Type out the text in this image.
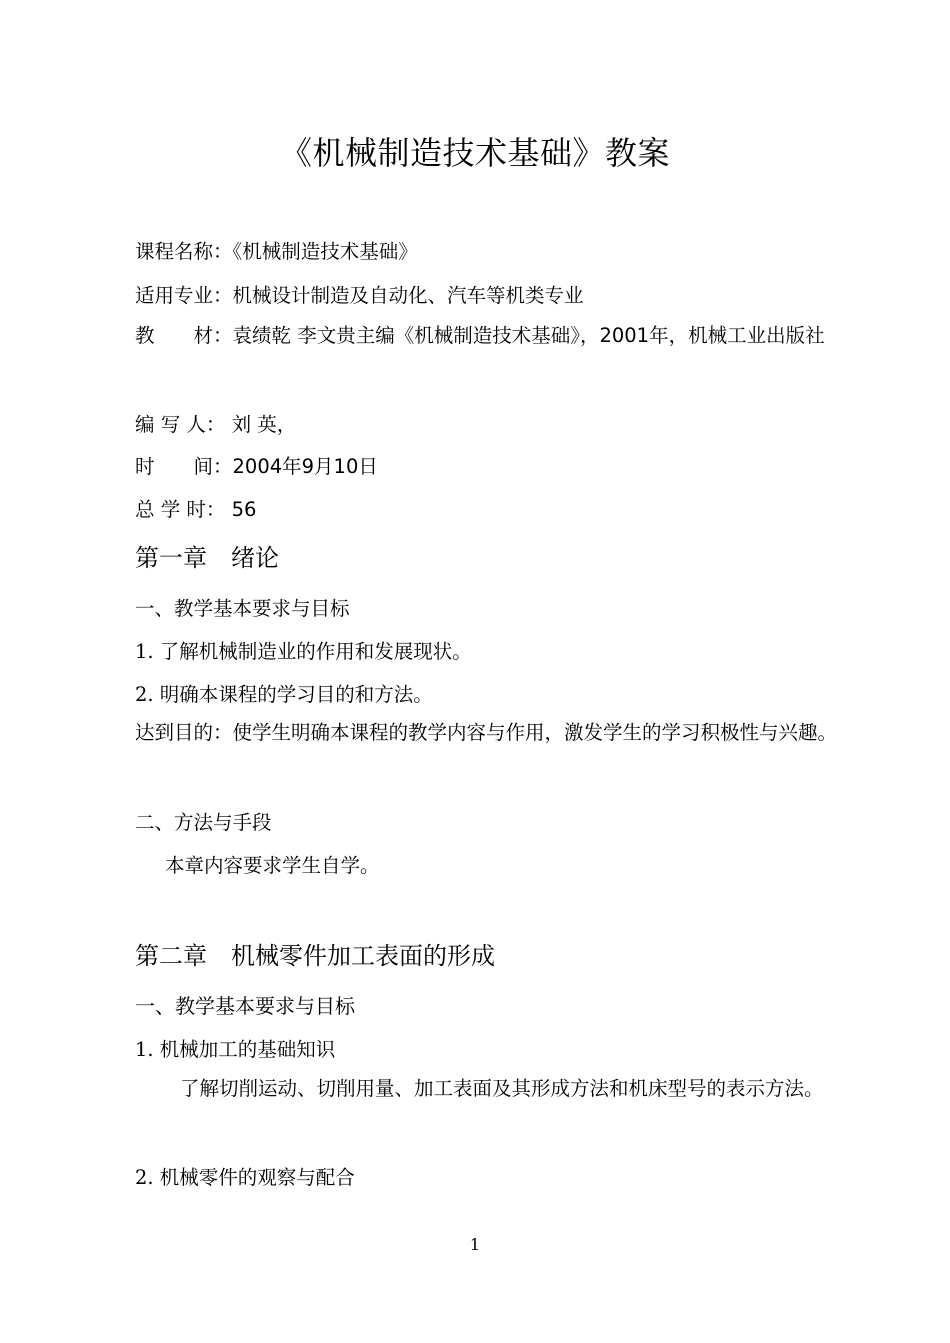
《机械制造技术基础》教案
课程名称：《机械制造技术基础》
适用专业：机械设计制造及自动化、汽车等机类专业
教　　材：袁绩乾 李文贵主编《机械制造技术基础》，2001年，机械工业出版社
编 写 人： 刘 英，
时　　间：2004年9月10日
总 学 时： 56
第一章　绪论
一、教学基本要求与目标
1. 了解机械制造业的作用和发展现状。
2. 明确本课程的学习目的和方法。
达到目的：使学生明确本课程的教学内容与作用，激发学生的学习积极性与兴趣。
二、方法与手段
本章内容要求学生自学。
第二章　机械零件加工表面的形成
一、教学基本要求与目标
1. 机械加工的基础知识
了解切削运动、切削用量、加工表面及其形成方法和机床型号的表示方法。
2. 机械零件的观察与配合
1
